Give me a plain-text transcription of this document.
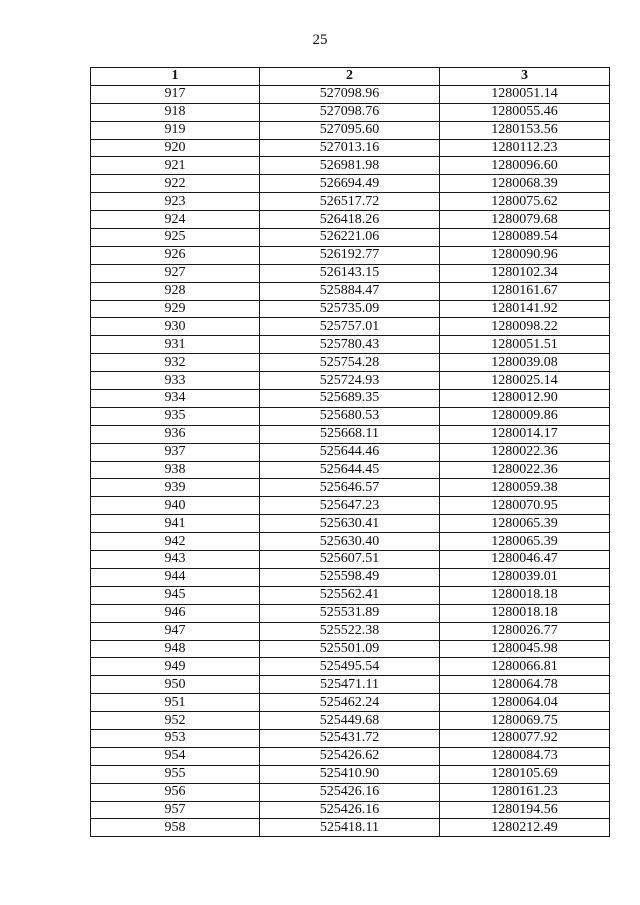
25
1	2	3
917	527098.96	1280051.14
918	527098.76	1280055.46
919	527095.60	1280153.56
920	527013.16	1280112.23
921	526981.98	1280096.60
922	526694.49	1280068.39
923	526517.72	1280075.62
924	526418.26	1280079.68
925	526221.06	1280089.54
926	526192.77	1280090.96
927	526143.15	1280102.34
928	525884.47	1280161.67
929	525735.09	1280141.92
930	525757.01	1280098.22
931	525780.43	1280051.51
932	525754.28	1280039.08
933	525724.93	1280025.14
934	525689.35	1280012.90
935	525680.53	1280009.86
936	525668.11	1280014.17
937	525644.46	1280022.36
938	525644.45	1280022.36
939	525646.57	1280059.38
940	525647.23	1280070.95
941	525630.41	1280065.39
942	525630.40	1280065.39
943	525607.51	1280046.47
944	525598.49	1280039.01
945	525562.41	1280018.18
946	525531.89	1280018.18
947	525522.38	1280026.77
948	525501.09	1280045.98
949	525495.54	1280066.81
950	525471.11	1280064.78
951	525462.24	1280064.04
952	525449.68	1280069.75
953	525431.72	1280077.92
954	525426.62	1280084.73
955	525410.90	1280105.69
956	525426.16	1280161.23
957	525426.16	1280194.56
958	525418.11	1280212.49
